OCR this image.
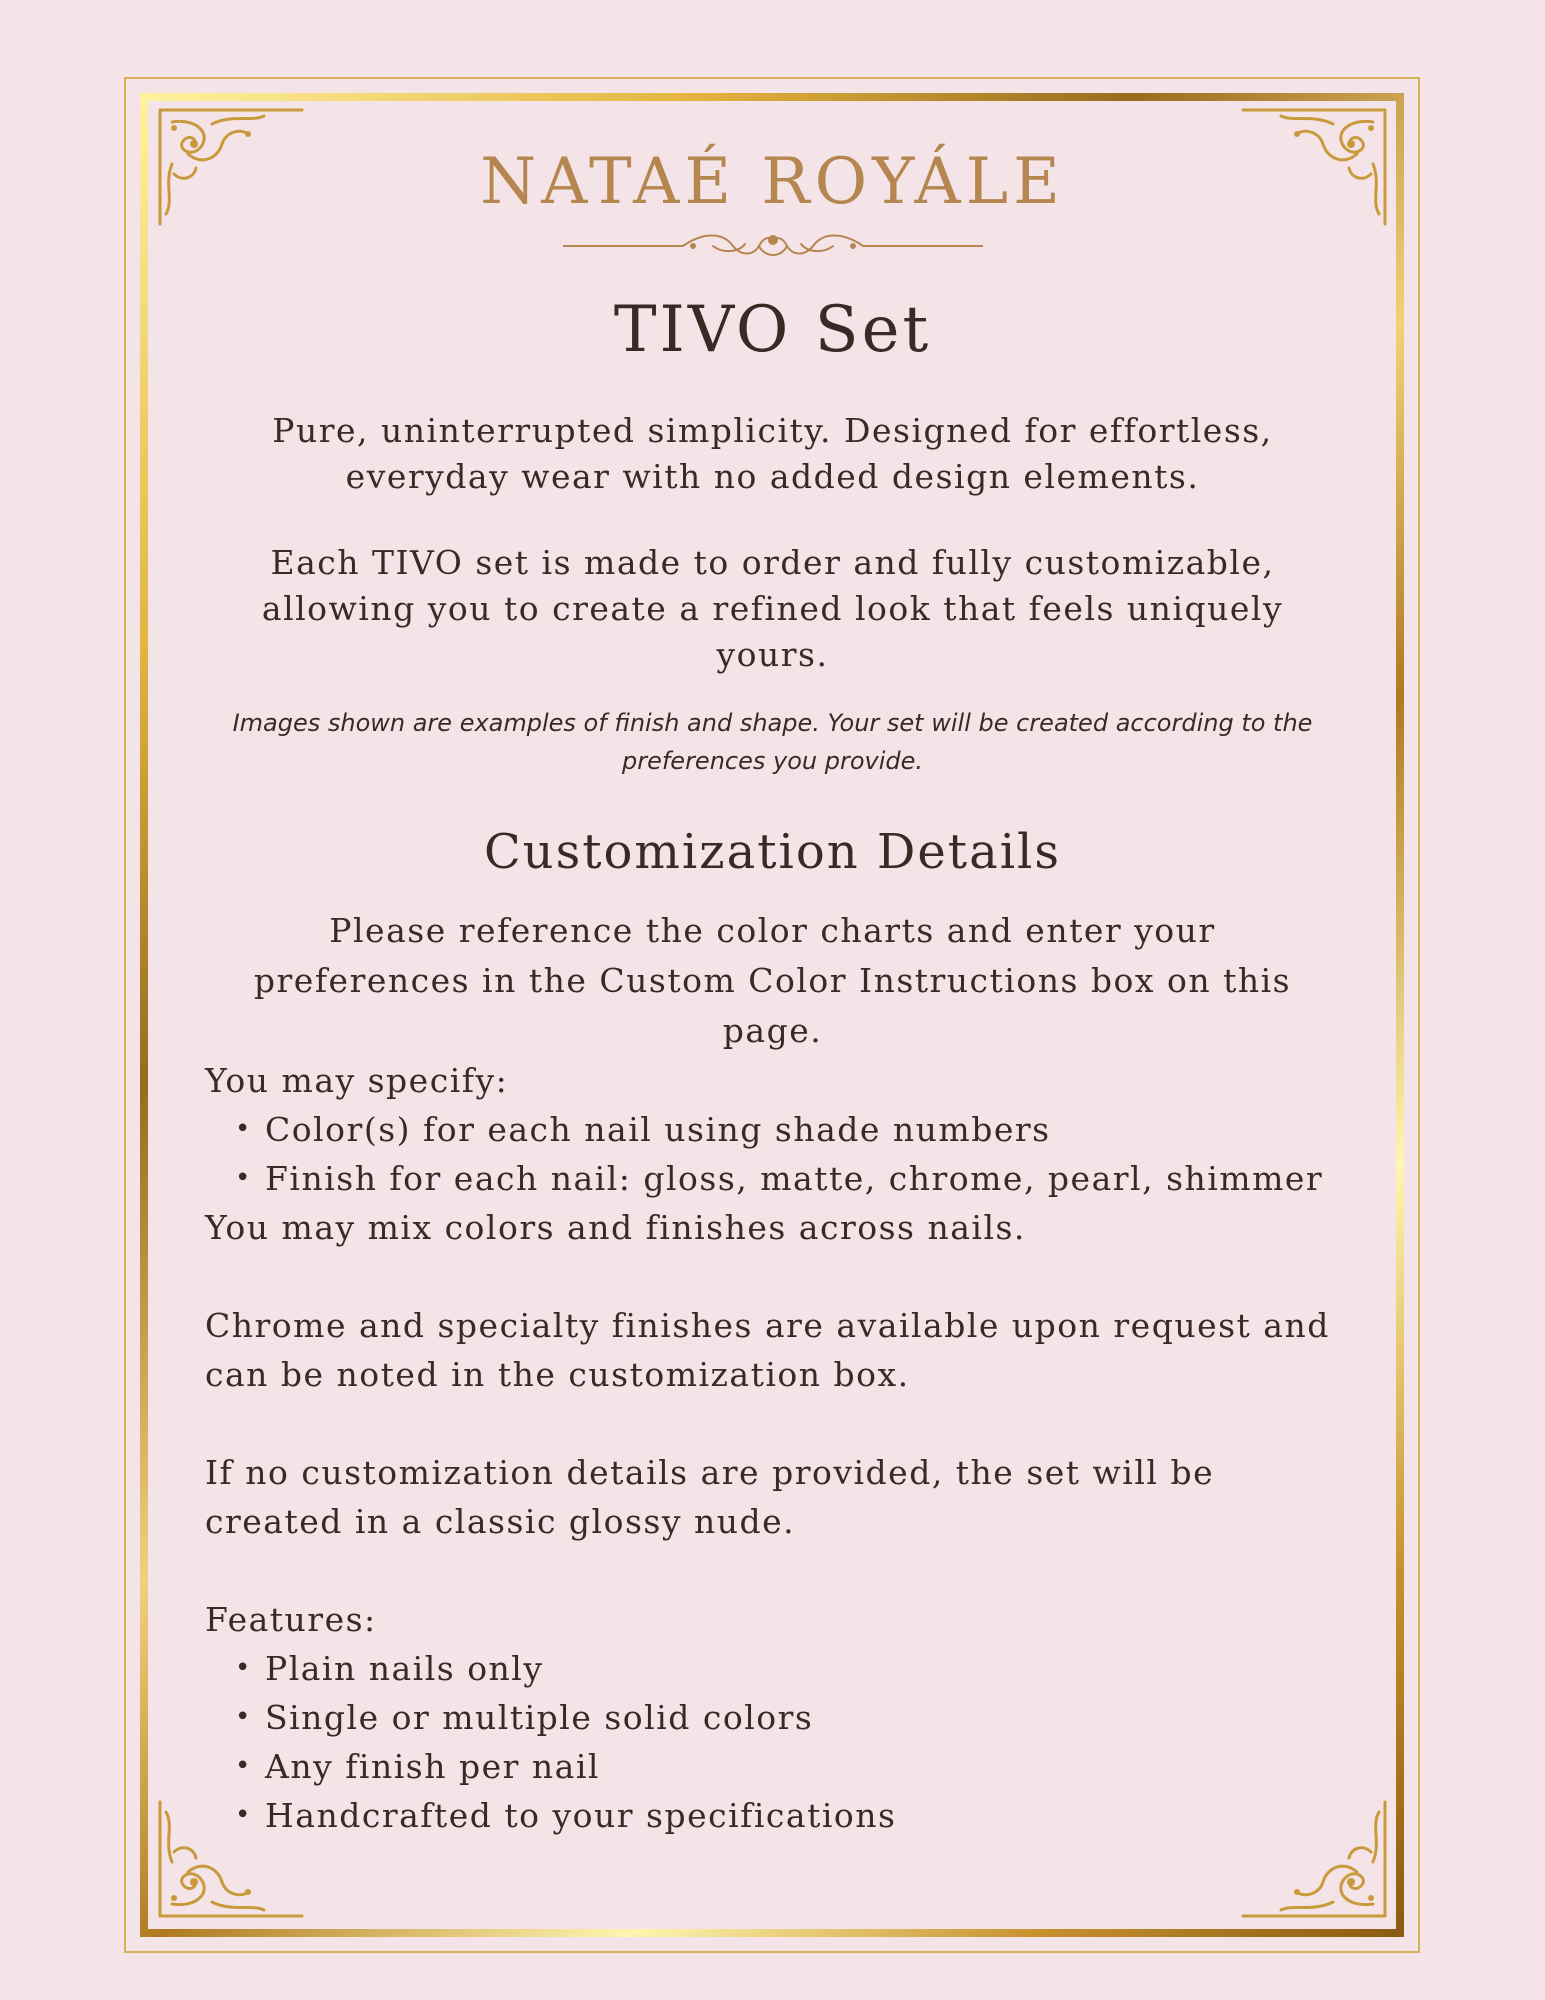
NATAÉ ROYÁLE
TIVO Set

Pure, uninterrupted simplicity. Designed for effortless, everyday wear with no added design elements.

Each TIVO set is made to order and fully customizable, allowing you to create a refined look that feels uniquely yours.

Images shown are examples of finish and shape. Your set will be created according to the preferences you provide.

Customization Details

Please reference the color charts and enter your preferences in the Custom Color Instructions box on this page.

You may specify:

• Color(s) for each nail using shade numbers
• Finish for each nail: gloss, matte, chrome, pearl, shimmer

You may mix colors and finishes across nails.

Chrome and specialty finishes are available upon request and can be noted in the customization box.

If no customization details are provided, the set will be created in a classic glossy nude.

Features:

• Plain nails only
• Single or multiple solid colors
• Any finish per nail
• Handcrafted to your specifications
